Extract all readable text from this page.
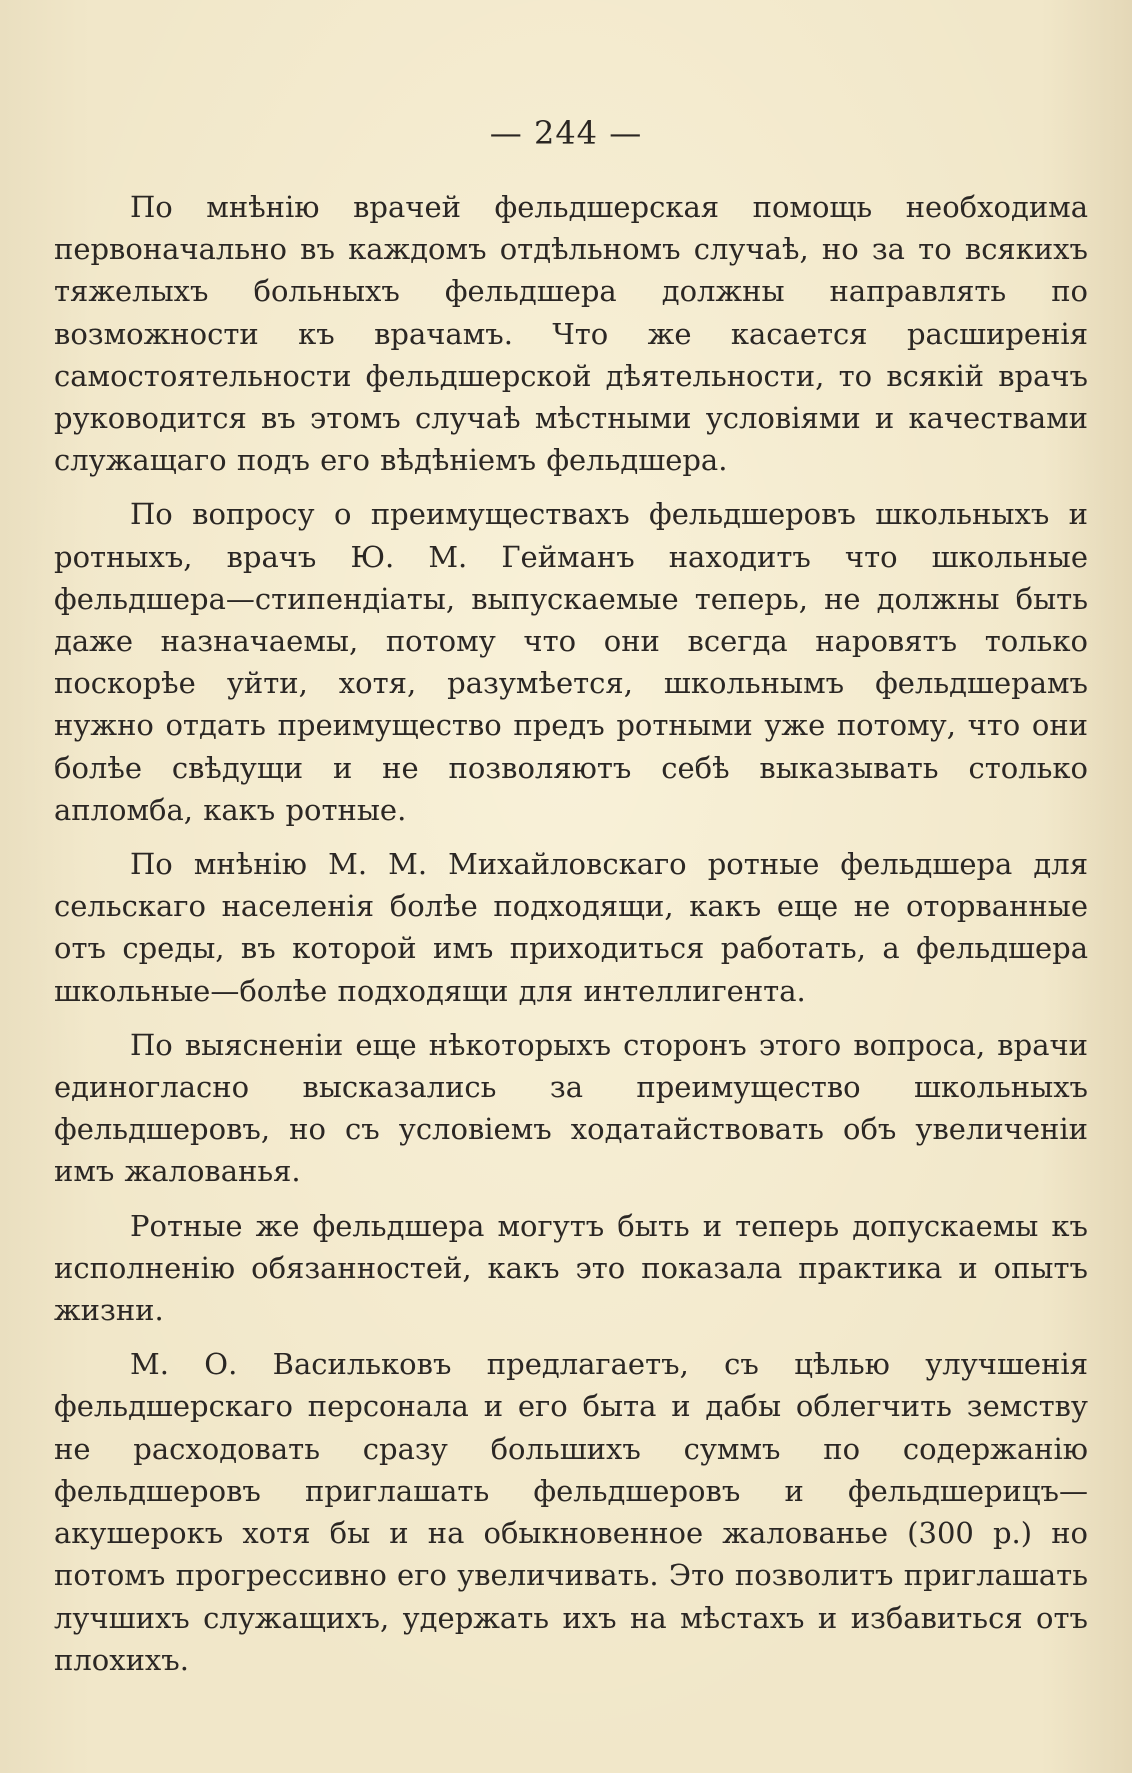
— 244 —

По мнѣнію врачей фельдшерская помощь необходима первоначально въ каждомъ отдѣльномъ случаѣ, но за то всякихъ тяжелыхъ больныхъ фельдшера должны направлять по возможности къ врачамъ. Что же касается расширенія самостоятельности фельдшерской дѣятельности, то всякій врачъ руководится въ этомъ случаѣ мѣстными условіями и качествами служащаго подъ его вѣдѣніемъ фельдшера.

По вопросу о преимуществахъ фельдшеровъ школьныхъ и ротныхъ, врачъ Ю. М. Гейманъ находитъ что школьные фельдшера—стипендіаты, выпускаемые теперь, не должны быть даже назначаемы, потому что они всегда наровятъ только поскорѣе уйти, хотя, разумѣется, школьнымъ фельдшерамъ нужно отдать преимущество предъ ротными уже потому, что они болѣе свѣдущи и не позволяютъ себѣ выказывать столько апломба, какъ ротные.

По мнѣнію М. М. Михайловскаго ротные фельдшера для сельскаго населенія болѣе подходящи, какъ еще не оторванные отъ среды, въ которой имъ приходиться работать, а фельдшера школьные—болѣе подходящи для интеллигента.

По выясненіи еще нѣкоторыхъ сторонъ этого вопроса, врачи единогласно высказались за преимущество школьныхъ фельдшеровъ, но съ условіемъ ходатайствовать объ увеличеніи имъ жалованья.

Ротные же фельдшера могутъ быть и теперь допускаемы къ исполненію обязанностей, какъ это показала практика и опытъ жизни.

М. О. Васильковъ предлагаетъ, съ цѣлью улучшенія фельдшерскаго персонала и его быта и дабы облегчить земству не расходовать сразу большихъ суммъ по содержанію фельдшеровъ приглашать фельдшеровъ и фельдшерицъ—акушерокъ хотя бы и на обыкновенное жалованье (300 р.) но потомъ прогрессивно его увеличивать. Это позволитъ приглашать лучшихъ служащихъ, удержать ихъ на мѣстахъ и избавиться отъ плохихъ.
